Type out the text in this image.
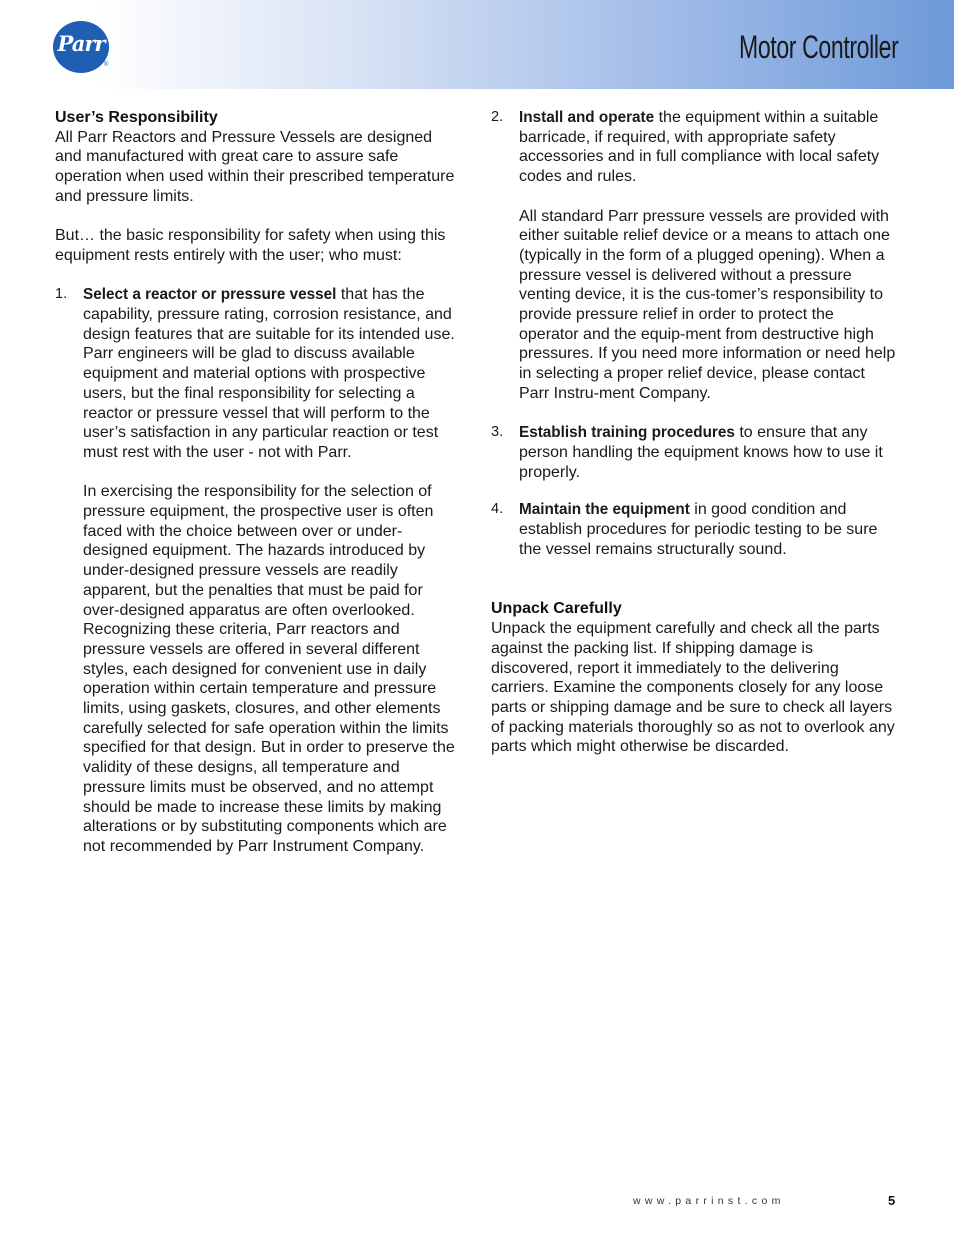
Parr
®	Motor Controller
User’s Responsibility

All Parr Reactors and Pressure Vessels are designed and manufactured with great care to assure safe operation when used within their prescribed temperature and pressure limits.

But… the basic responsibility for safety when using this equipment rests entirely with the user; who must:

1. Select a reactor or pressure vessel that has the capability, pressure rating, corrosion resistance, and design features that are suitable for its intended use. Parr engineers will be glad to discuss available equipment and material options with prospective users, but the final responsibility for selecting a reactor or pressure vessel that will perform to the user’s satisfaction in any particular reaction or test must rest with the user - not with Parr.

In exercising the responsibility for the selection of pressure equipment, the prospective user is often faced with the choice between over or under-designed equipment. The hazards introduced by under-designed pressure vessels are readily apparent, but the penalties that must be paid for over-designed apparatus are often overlooked. Recognizing these criteria, Parr reactors and pressure vessels are offered in several different styles, each designed for convenient use in daily operation within certain temperature and pressure limits, using gaskets, closures, and other elements carefully selected for safe operation within the limits specified for that design. But in order to preserve the validity of these designs, all temperature and pressure limits must be observed, and no attempt should be made to increase these limits by making alterations or by substituting components which are not recommended by Parr Instrument Company.

2. Install and operate the equipment within a suitable barricade, if required, with appropriate safety accessories and in full compliance with local safety codes and rules.

All standard Parr pressure vessels are provided with either suitable relief device or a means to attach one (typically in the form of a plugged opening). When a pressure vessel is delivered without a pressure venting device, it is the cus-tomer’s responsibility to provide pressure relief in order to protect the operator and the equip-ment from destructive high pressures. If you need more information or need help in selecting a proper relief device, please contact Parr Instru-ment Company.

3. Establish training procedures to ensure that any person handling the equipment knows how to use it properly.

4. Maintain the equipment in good condition and establish procedures for periodic testing to be sure the vessel remains structurally sound.

Unpack Carefully

Unpack the equipment carefully and check all the parts against the packing list. If shipping damage is discovered, report it immediately to the delivering carriers. Examine the components closely for any loose parts or shipping damage and be sure to check all layers of packing materials thoroughly so as not to overlook any parts which might otherwise be discarded.

www.parrinst.com	5
